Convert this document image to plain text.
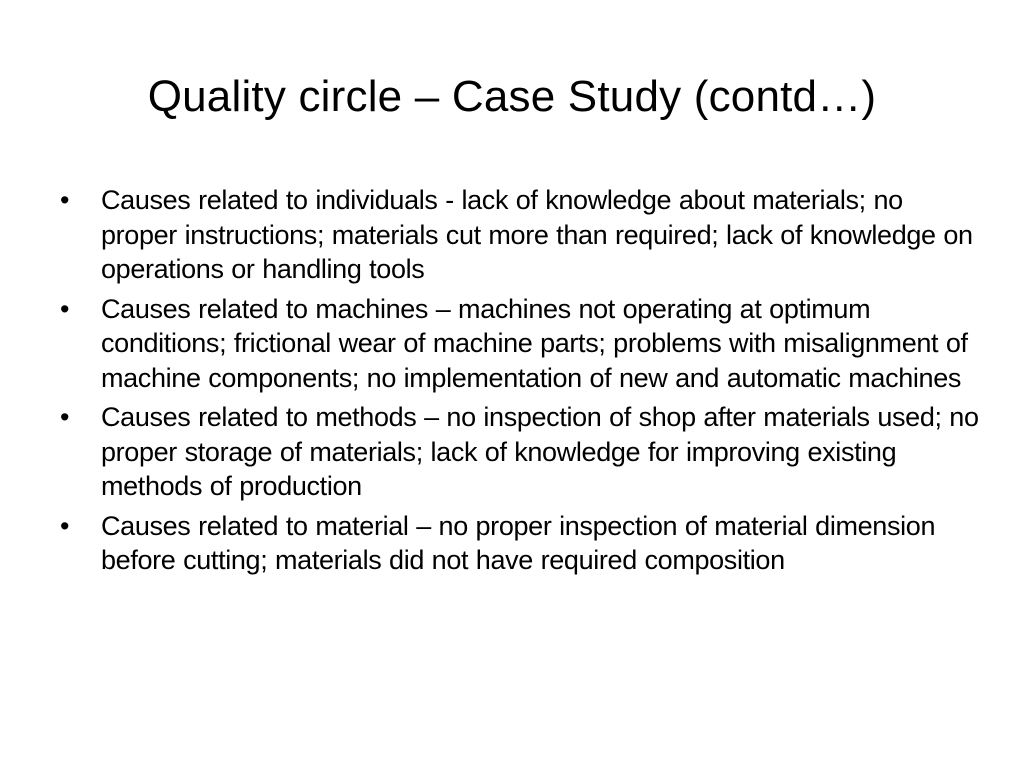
Quality circle – Case Study (contd…)
•	Causes related to individuals - lack of knowledge about materials; no proper instructions; materials cut more than required; lack of knowledge on operations or handling tools
•	Causes related to machines – machines not operating at optimum conditions; frictional wear of machine parts; problems with misalignment of machine components; no implementation of new and automatic machines
•	Causes related to methods – no inspection of shop after materials used; no proper storage of materials; lack of knowledge for improving existing methods of production
•	Causes related to material – no proper inspection of material dimension before cutting; materials did not have required composition
